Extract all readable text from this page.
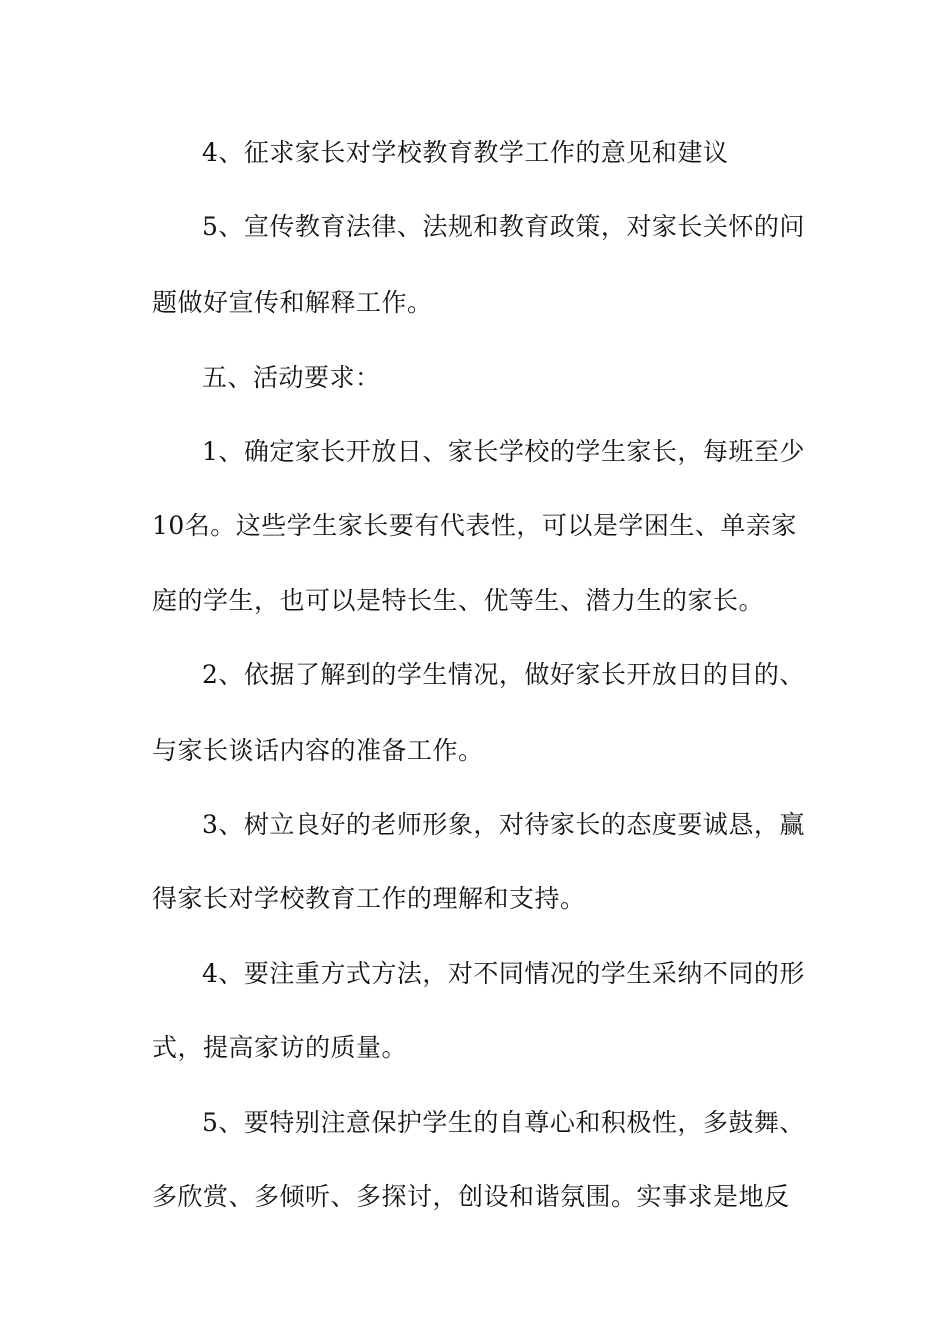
4、征求家长对学校教育教学工作的意见和建议
5、宣传教育法律、法规和教育政策，对家长关怀的问
题做好宣传和解释工作。
五、活动要求：
1、确定家长开放日、家长学校的学生家长，每班至少
10名。这些学生家长要有代表性，可以是学困生、单亲家
庭的学生，也可以是特长生、优等生、潜力生的家长。
2、依据了解到的学生情况，做好家长开放日的目的、
与家长谈话内容的准备工作。
3、树立良好的老师形象，对待家长的态度要诚恳，赢
得家长对学校教育工作的理解和支持。
4、要注重方式方法，对不同情况的学生采纳不同的形
式，提高家访的质量。
5、要特别注意保护学生的自尊心和积极性，多鼓舞、
多欣赏、多倾听、多探讨，创设和谐氛围。实事求是地反
